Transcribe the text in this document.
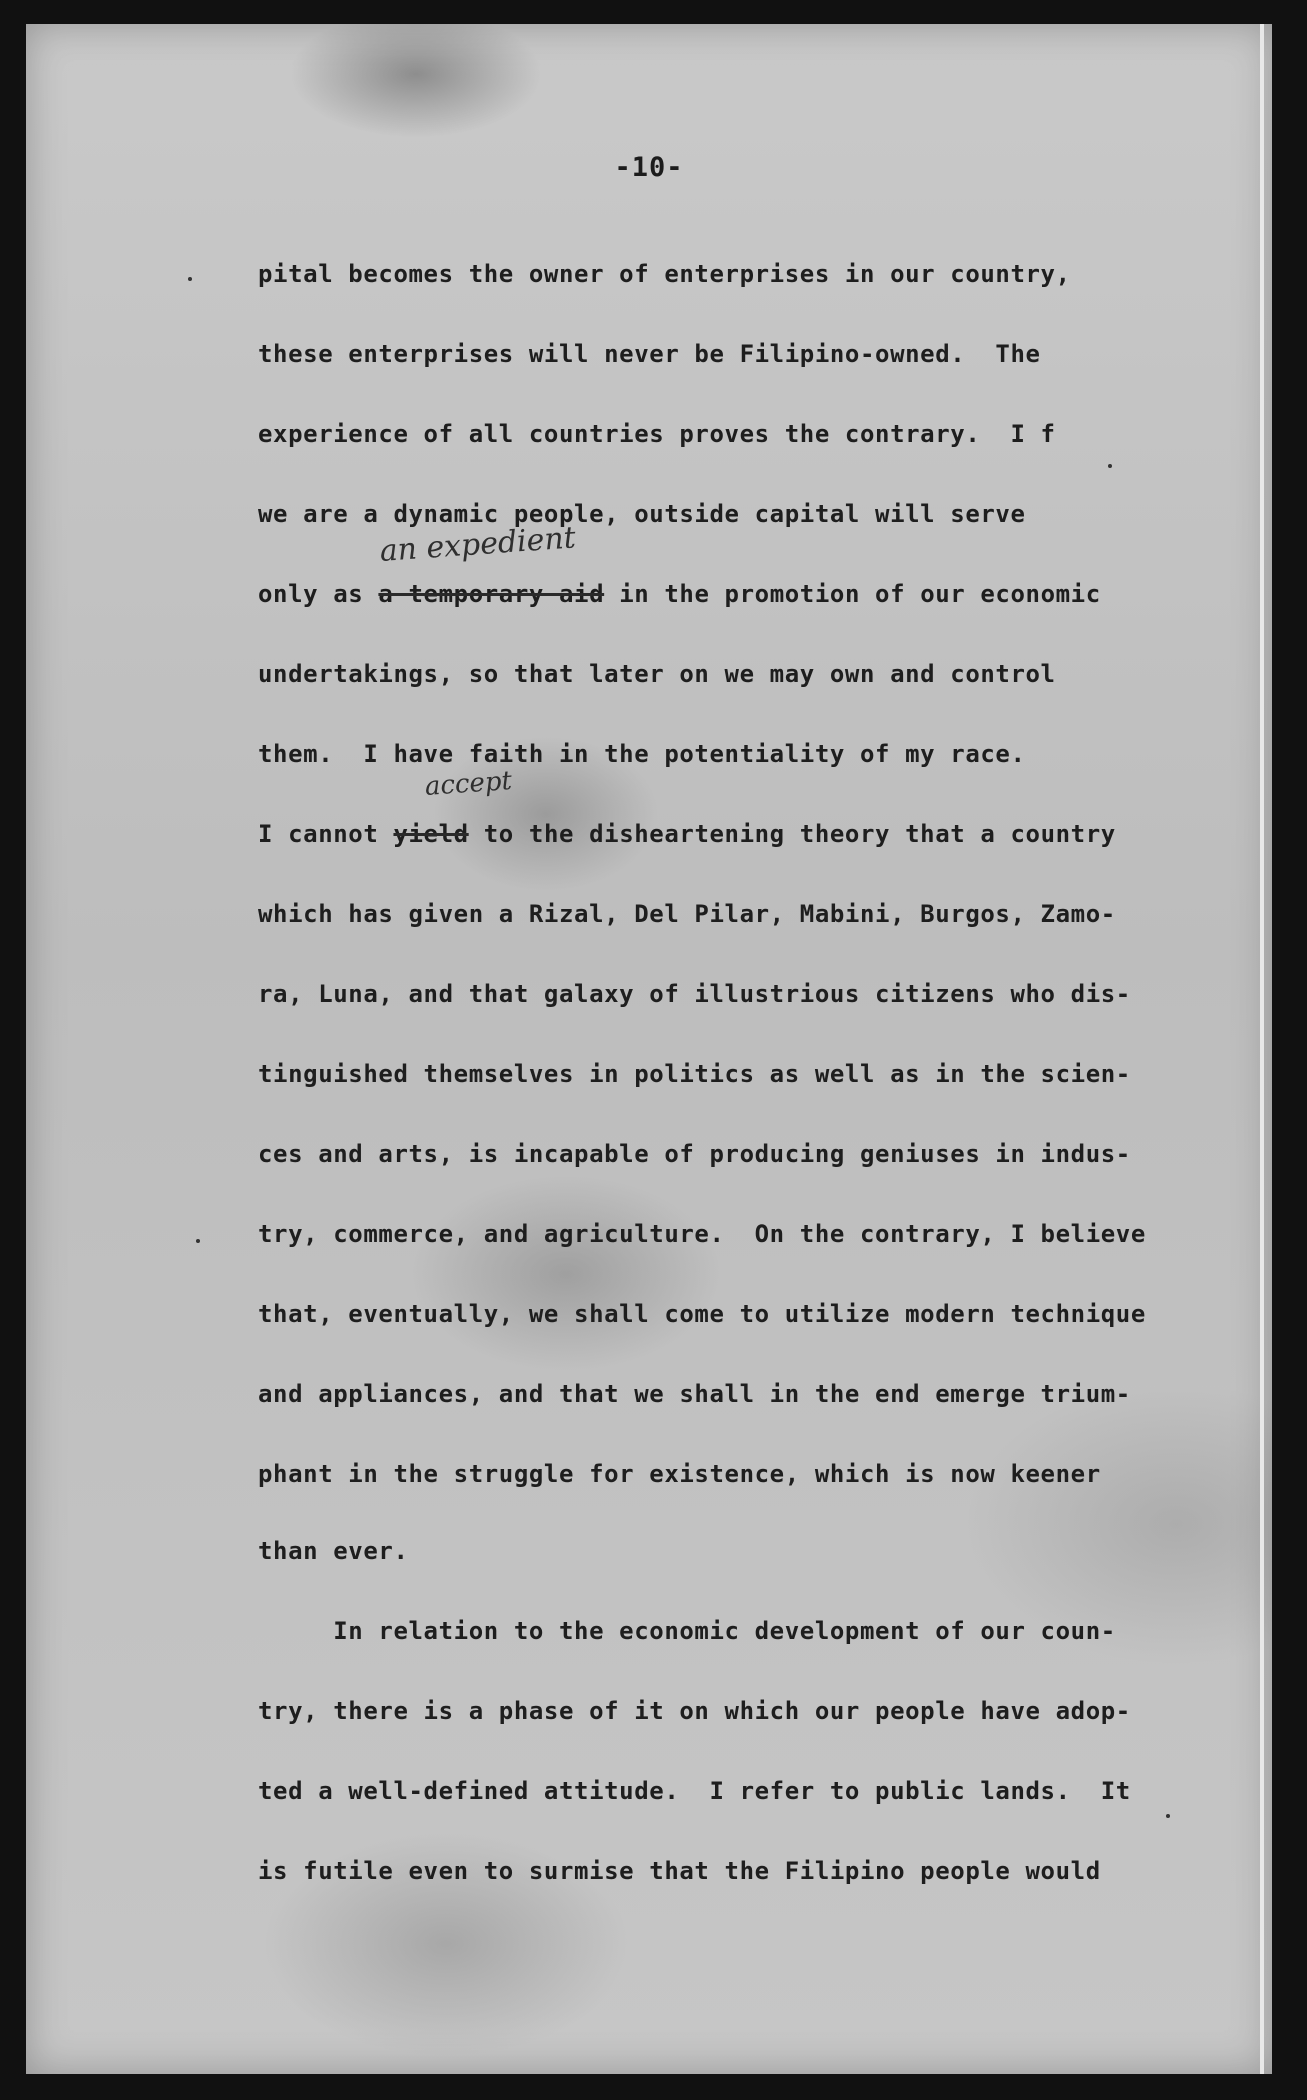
-10-
pital becomes the owner of enterprises in our country,
these enterprises will never be Filipino-owned.  The
experience of all countries proves the contrary.  I f
we are a dynamic people, outside capital will serve
an expedient
only as a temporary aid in the promotion of our economic
undertakings, so that later on we may own and control
them.  I have faith in the potentiality of my race.
accept
I cannot yield to the disheartening theory that a country
which has given a Rizal, Del Pilar, Mabini, Burgos, Zamo-
ra, Luna, and that galaxy of illustrious citizens who dis-
tinguished themselves in politics as well as in the scien-
ces and arts, is incapable of producing geniuses in indus-
try, commerce, and agriculture.  On the contrary, I believe
that, eventually, we shall come to utilize modern technique
and appliances, and that we shall in the end emerge trium-
phant in the struggle for existence, which is now keener
than ever.
In relation to the economic development of our coun-
try, there is a phase of it on which our people have adop-
ted a well-defined attitude.  I refer to public lands.  It
is futile even to surmise that the Filipino people would
